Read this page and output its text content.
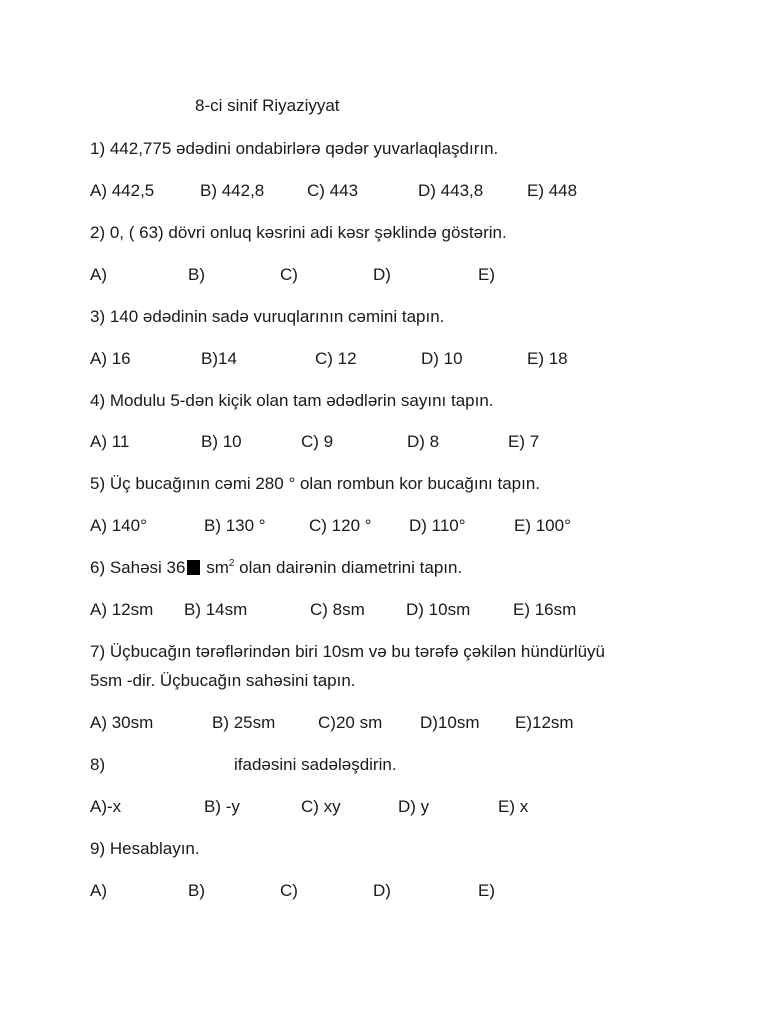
8-ci sinif Riyaziyyat
1) 442,775 ədədini ondabirlərə qədər yuvarlaqlaşdırın.
A) 442,5	B) 442,8	C) 443	D) 443,8	E) 448
2) 0, ( 63) dövri onluq kəsrini adi kəsr şəklində göstərin.
A)	B)	C)	D)	E)
3) 140 ədədinin sadə vuruqlarının cəmini tapın.
A) 16	B)14	C) 12	D) 10	E) 18
4) Modulu 5-dən kiçik olan tam ədədlərin sayını tapın.
A) 11	B) 10	C) 9	D) 8	E) 7
5) Üç bucağının cəmi 280 ° olan rombun kor bucağını tapın.
A) 140°	B) 130 °	C) 120 ° D) 110°	E) 100°
6) Sahəsi 36 $sm^2$ olan dairənin diametrini tapın.
A) 12sm B) 14sm	C) 8sm D) 10sm	E) 16sm
7) Üçbucağın tərəflərindən biri 10sm və bu tərəfə çəkilən hündürlüyü
5sm -dir. Üçbucağın sahəsini tapın.
A) 30sm	B) 25sm	C)20 sm D)10sm E)12sm
8)	ifadəsini sadələşdirin.
A)-x	B) -y	C) xy	D) y	E) x
9) Hesablayın.
A)	B)	C)	D)	E)
